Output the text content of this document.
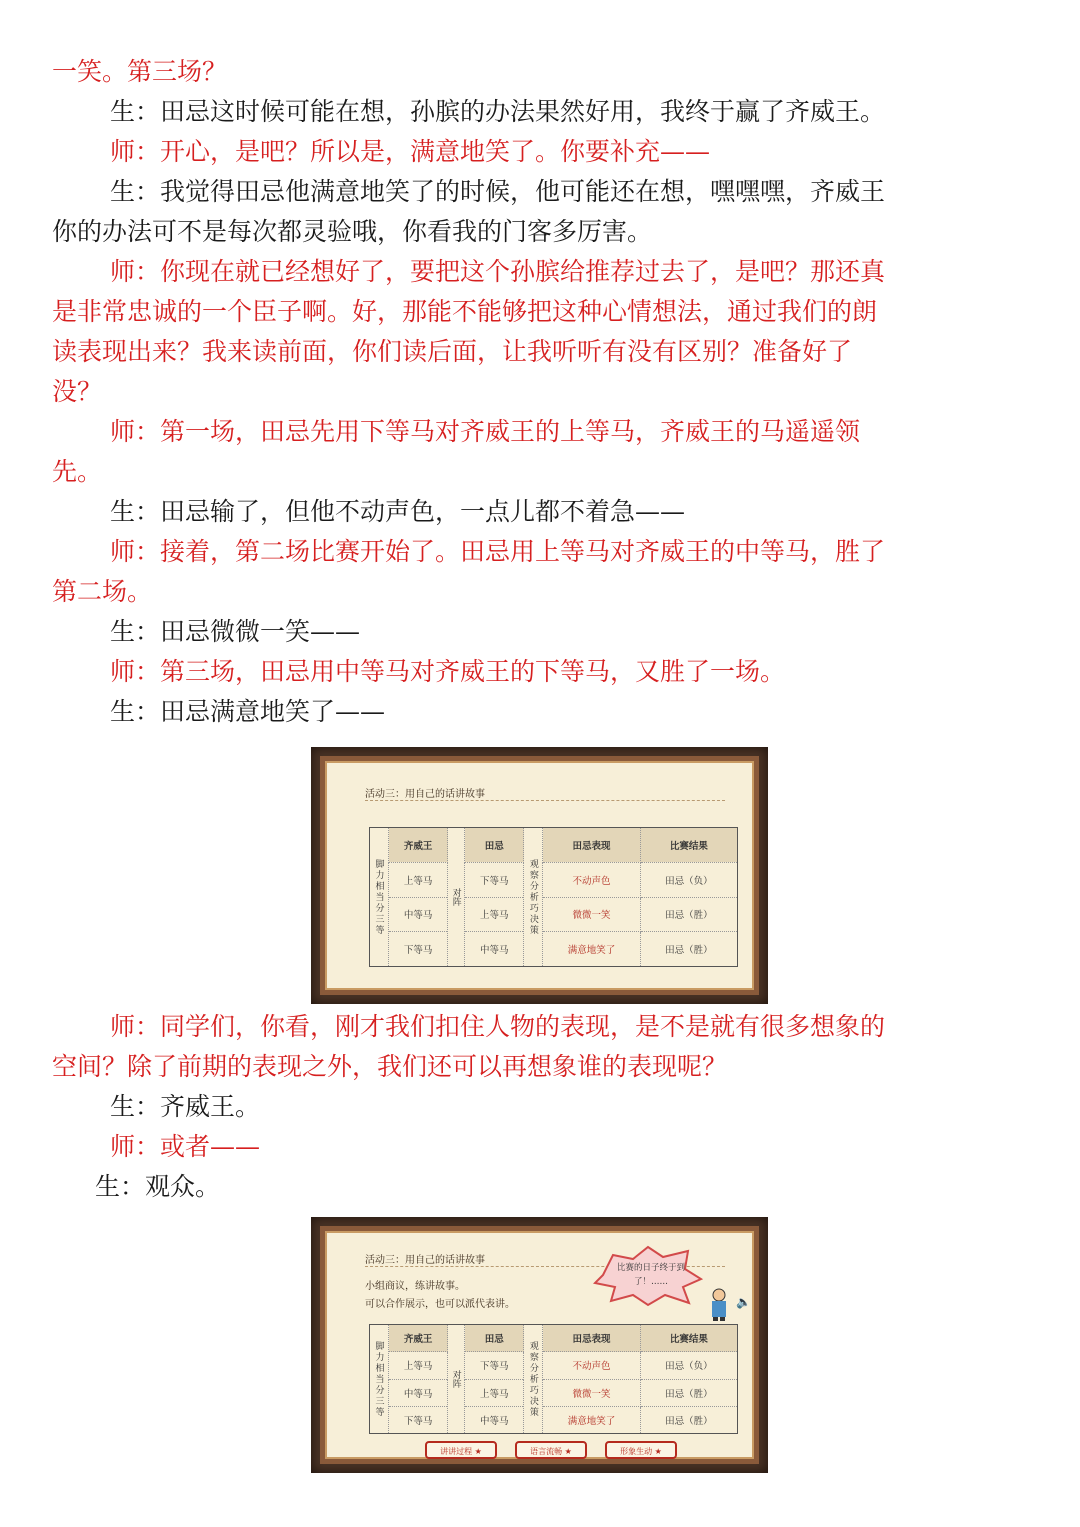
一笑。第三场？

生：田忌这时候可能在想，孙膑的办法果然好用，我终于赢了齐威王。

师：开心，是吧？所以是，满意地笑了。你要补充——

生：我觉得田忌他满意地笑了的时候，他可能还在想，嘿嘿嘿，齐威王

你的办法可不是每次都灵验哦，你看我的门客多厉害。

师：你现在就已经想好了，要把这个孙膑给推荐过去了，是吧？那还真

是非常忠诚的一个臣子啊。好，那能不能够把这种心情想法，通过我们的朗

读表现出来？我来读前面，你们读后面，让我听听有没有区别？准备好了

没？

师：第一场，田忌先用下等马对齐威王的上等马，齐威王的马遥遥领

先。

生：田忌输了，但他不动声色，一点儿都不着急——

师：接着，第二场比赛开始了。田忌用上等马对齐威王的中等马，胜了

第二场。

生：田忌微微一笑——

师：第三场，田忌用中等马对齐威王的下等马，又胜了一场。

生：田忌满意地笑了——

活动三：用自己的话讲故事
脚力相当分三等	齐威王	对阵	田忌	观察分析巧决策	田忌表现	比赛结果
	上等马		下等马		不动声色	田忌（负）
	中等马		上等马		微微一笑	田忌（胜）
	下等马		中等马		满意地笑了	田忌（胜）

师：同学们，你看，刚才我们扣住人物的表现，是不是就有很多想象的

空间？除了前期的表现之外，我们还可以再想象谁的表现呢？

生：齐威王。

师：或者——

生：观众。

活动三：用自己的话讲故事
小组商议，练讲故事。
可以合作展示，也可以派代表讲。
比赛的日子终于到了！……
🔈
脚力相当分三等	齐威王	对阵	田忌	观察分析巧决策	田忌表现	比赛结果
	上等马		下等马		不动声色	田忌（负）
	中等马		上等马		微微一笑	田忌（胜）
	下等马		中等马		满意地笑了	田忌（胜）
讲讲过程 ★	语言流畅 ★	形象生动 ★
